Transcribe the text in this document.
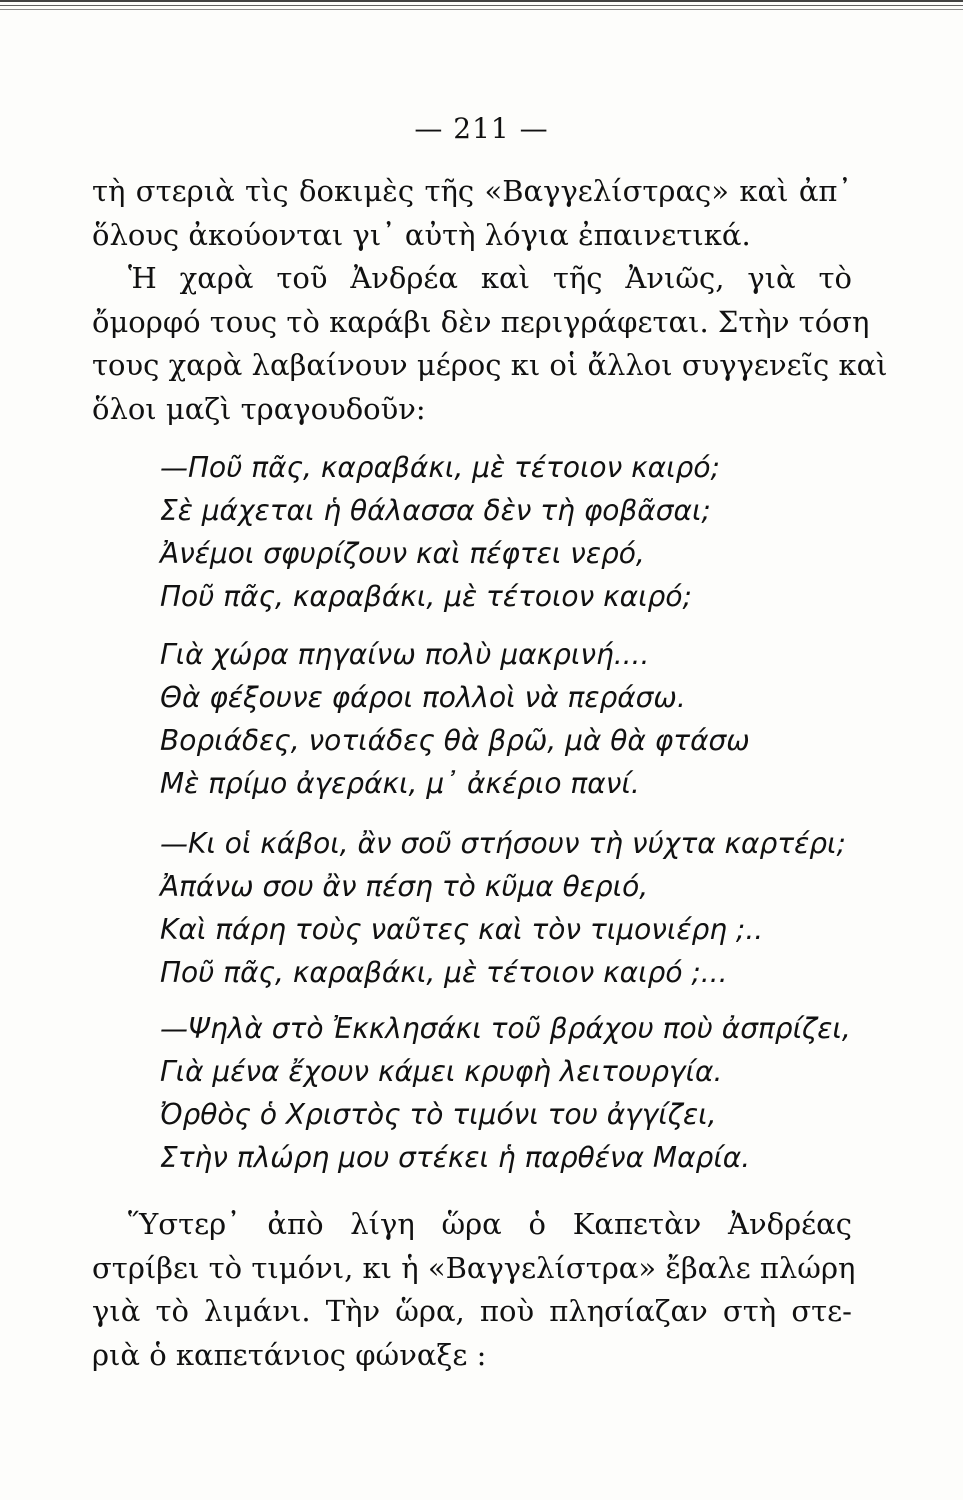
— 211 —
τὴ στεριὰ τὶς δοκιμὲς τῆς «Βαγγελίστρας» καὶ ἀπ᾽
ὅλους ἀκούονται γι᾽ αὐτὴ λόγια ἐπαινετικά.
Ἡ χαρὰ τοῦ Ἀνδρέα καὶ τῆς Ἀνιῶς, γιὰ τὸ
ὄμορφό τους τὸ καράβι δὲν περιγράφεται. Στὴν τόση
τους χαρὰ λαβαίνουν μέρος κι οἱ ἄλλοι συγγενεῖς καὶ
ὅλοι μαζὶ τραγουδοῦν:
—Ποῦ πᾶς, καραβάκι, μὲ τέτοιον καιρό;
Σὲ μάχεται ἡ θάλασσα δὲν τὴ φοβᾶσαι;
Ἀνέμοι σφυρίζουν καὶ πέφτει νερό,
Ποῦ πᾶς, καραβάκι, μὲ τέτοιον καιρό;
Γιὰ χώρα πηγαίνω πολὺ μακρινή....
Θὰ φέξουνε φάροι πολλοὶ νὰ περάσω.
Βοριάδες, νοτιάδες θὰ βρῶ, μὰ θὰ φτάσω
Μὲ πρίμο ἀγεράκι, μ᾽ ἀκέριο πανί.
—Κι οἱ κάβοι, ἂν σοῦ στήσουν τὴ νύχτα καρτέρι;
Ἀπάνω σου ἂν πέση τὸ κῦμα θεριό,
Καὶ πάρη τοὺς ναῦτες καὶ τὸν τιμονιέρη ;..
Ποῦ πᾶς, καραβάκι, μὲ τέτοιον καιρό ;...
—Ψηλὰ στὸ Ἐκκλησάκι τοῦ βράχου ποὺ ἀσπρίζει,
Γιὰ μένα ἔχουν κάμει κρυφὴ λειτουργία.
Ὀρθὸς ὁ Χριστὸς τὸ τιμόνι του ἀγγίζει,
Στὴν πλώρη μου στέκει ἡ παρθένα Μαρία.
Ὕστερ᾽ ἀπὸ λίγη ὥρα ὁ Καπετὰν Ἀνδρέας
στρίβει τὸ τιμόνι, κι ἡ «Βαγγελίστρα» ἔβαλε πλώρη
γιὰ τὸ λιμάνι. Τὴν ὥρα, ποὺ πλησίαζαν στὴ στε-
ριὰ ὁ καπετάνιος φώναξε :
